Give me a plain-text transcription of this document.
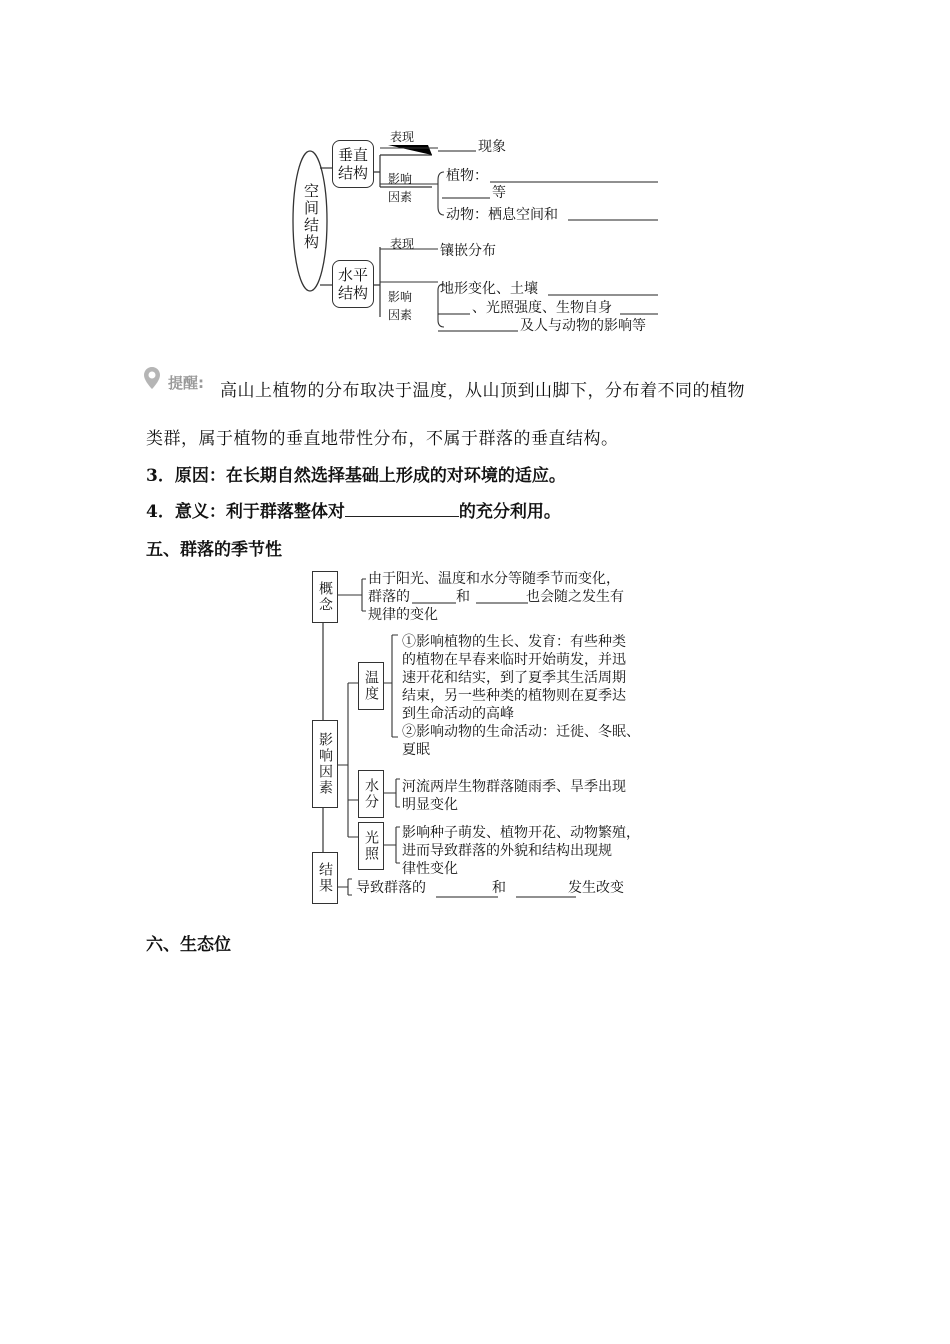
空间结构
垂直结构
水平结构
表现
现象
影响因素
植物：
等
动物：栖息空间和
表现 镶嵌分布
影响因素
地形变化、土壤
、光照强度、生物自身
及人与动物的影响等
提醒: 高山上植物的分布取决于温度，从山顶到山脚下，分布着不同的植物
类群，属于植物的垂直地带性分布，不属于群落的垂直结构。
3．原因：在长期自然选择基础上形成的对环境的适应。
4．意义：利于群落整体对	的充分利用。
五、群落的季节性
概念
由于阳光、温度和水分等随季节而变化，
群落的	和	也会随之发生有
规律的变化
影响因素
温度
①影响植物的生长、发育：有些种类
的植物在早春来临时开始萌发，并迅
速开花和结实，到了夏季其生活周期
结束，另一些种类的植物则在夏季达
到生命活动的高峰
②影响动物的生命活动：迁徙、冬眠、
夏眠
水分	河流两岸生物群落随雨季、旱季出现
明显变化
光照	影响种子萌发、植物开花、动物繁殖，
进而导致群落的外貌和结构出现规
律性变化
结果	导致群落的	和	发生改变
六、生态位
